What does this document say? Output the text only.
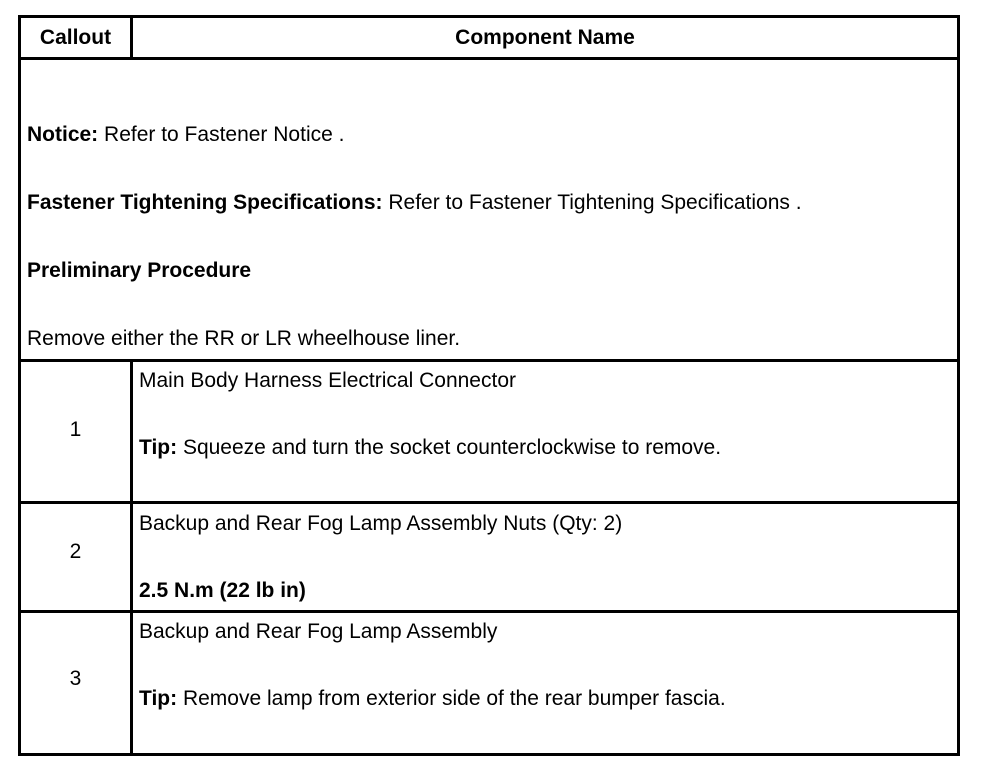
Callout	Component Name

Notice: Refer to Fastener Notice .
Fastener Tightening Specifications: Refer to Fastener Tightening Specifications .
Preliminary Procedure
Remove either the RR or LR wheelhouse liner.	

1	Main Body Harness Electrical Connector
Tip: Squeeze and turn the socket counterclockwise to remove.

2	Backup and Rear Fog Lamp Assembly Nuts (Qty: 2)
2.5 N.m (22 lb in)

3	Backup and Rear Fog Lamp Assembly
Tip: Remove lamp from exterior side of the rear bumper fascia.
